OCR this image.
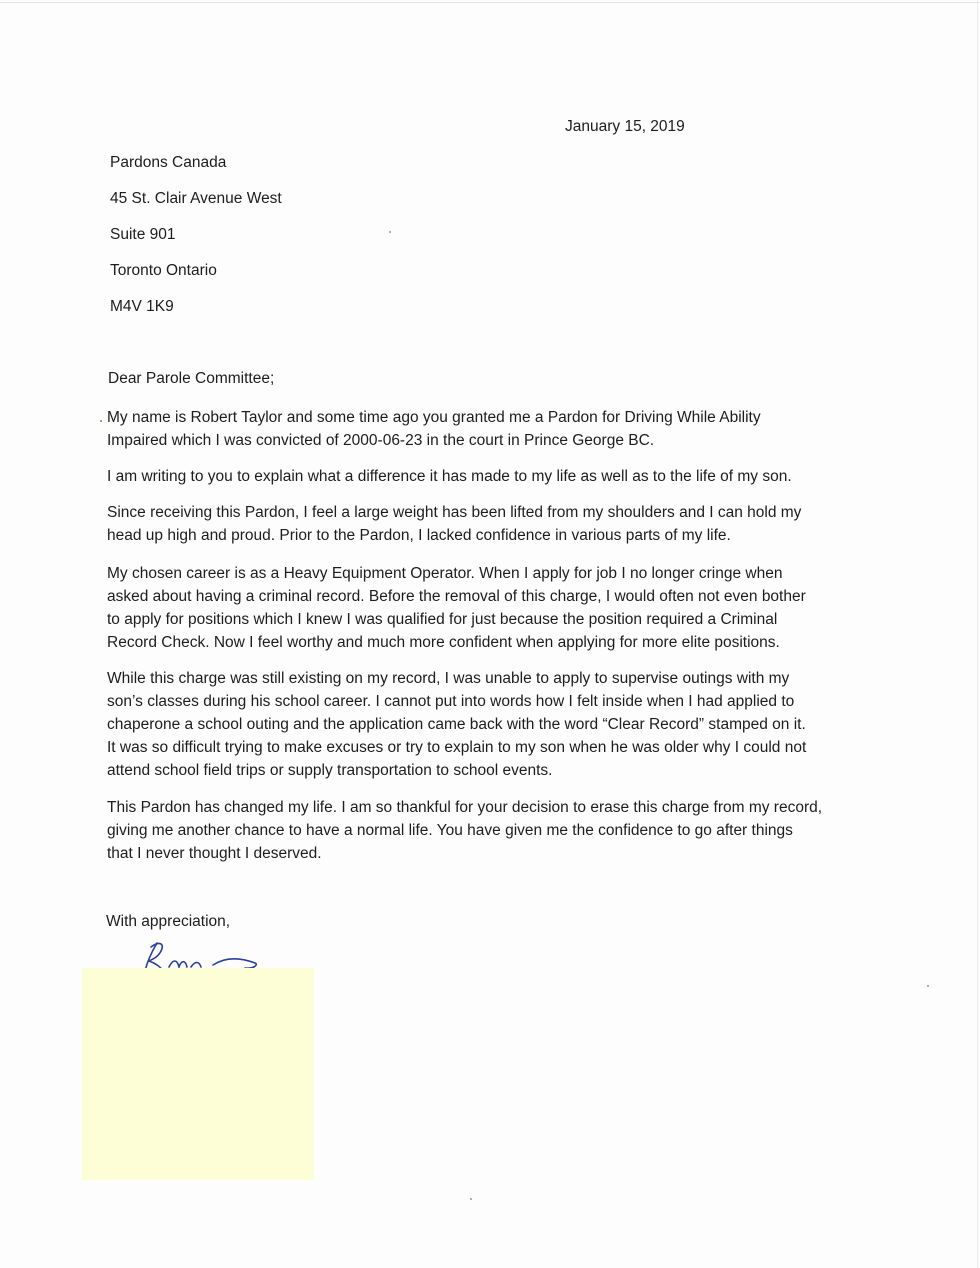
January 15, 2019
Pardons Canada
45 St. Clair Avenue West
Suite 901
Toronto Ontario
M4V 1K9
Dear Parole Committee;
My name is Robert Taylor and some time ago you granted me a Pardon for Driving While Ability
Impaired which I was convicted of 2000-06-23 in the court in Prince George BC.
I am writing to you to explain what a difference it has made to my life as well as to the life of my son.
Since receiving this Pardon, I feel a large weight has been lifted from my shoulders and I can hold my
head up high and proud. Prior to the Pardon, I lacked confidence in various parts of my life.
My chosen career is as a Heavy Equipment Operator. When I apply for job I no longer cringe when
asked about having a criminal record. Before the removal of this charge, I would often not even bother
to apply for positions which I knew I was qualified for just because the position required a Criminal
Record Check. Now I feel worthy and much more confident when applying for more elite positions.
While this charge was still existing on my record, I was unable to apply to supervise outings with my
son’s classes during his school career. I cannot put into words how I felt inside when I had applied to
chaperone a school outing and the application came back with the word “Clear Record” stamped on it.
It was so difficult trying to make excuses or try to explain to my son when he was older why I could not
attend school field trips or supply transportation to school events.
This Pardon has changed my life. I am so thankful for your decision to erase this charge from my record,
giving me another chance to have a normal life. You have given me the confidence to go after things
that I never thought I deserved.
With appreciation,
